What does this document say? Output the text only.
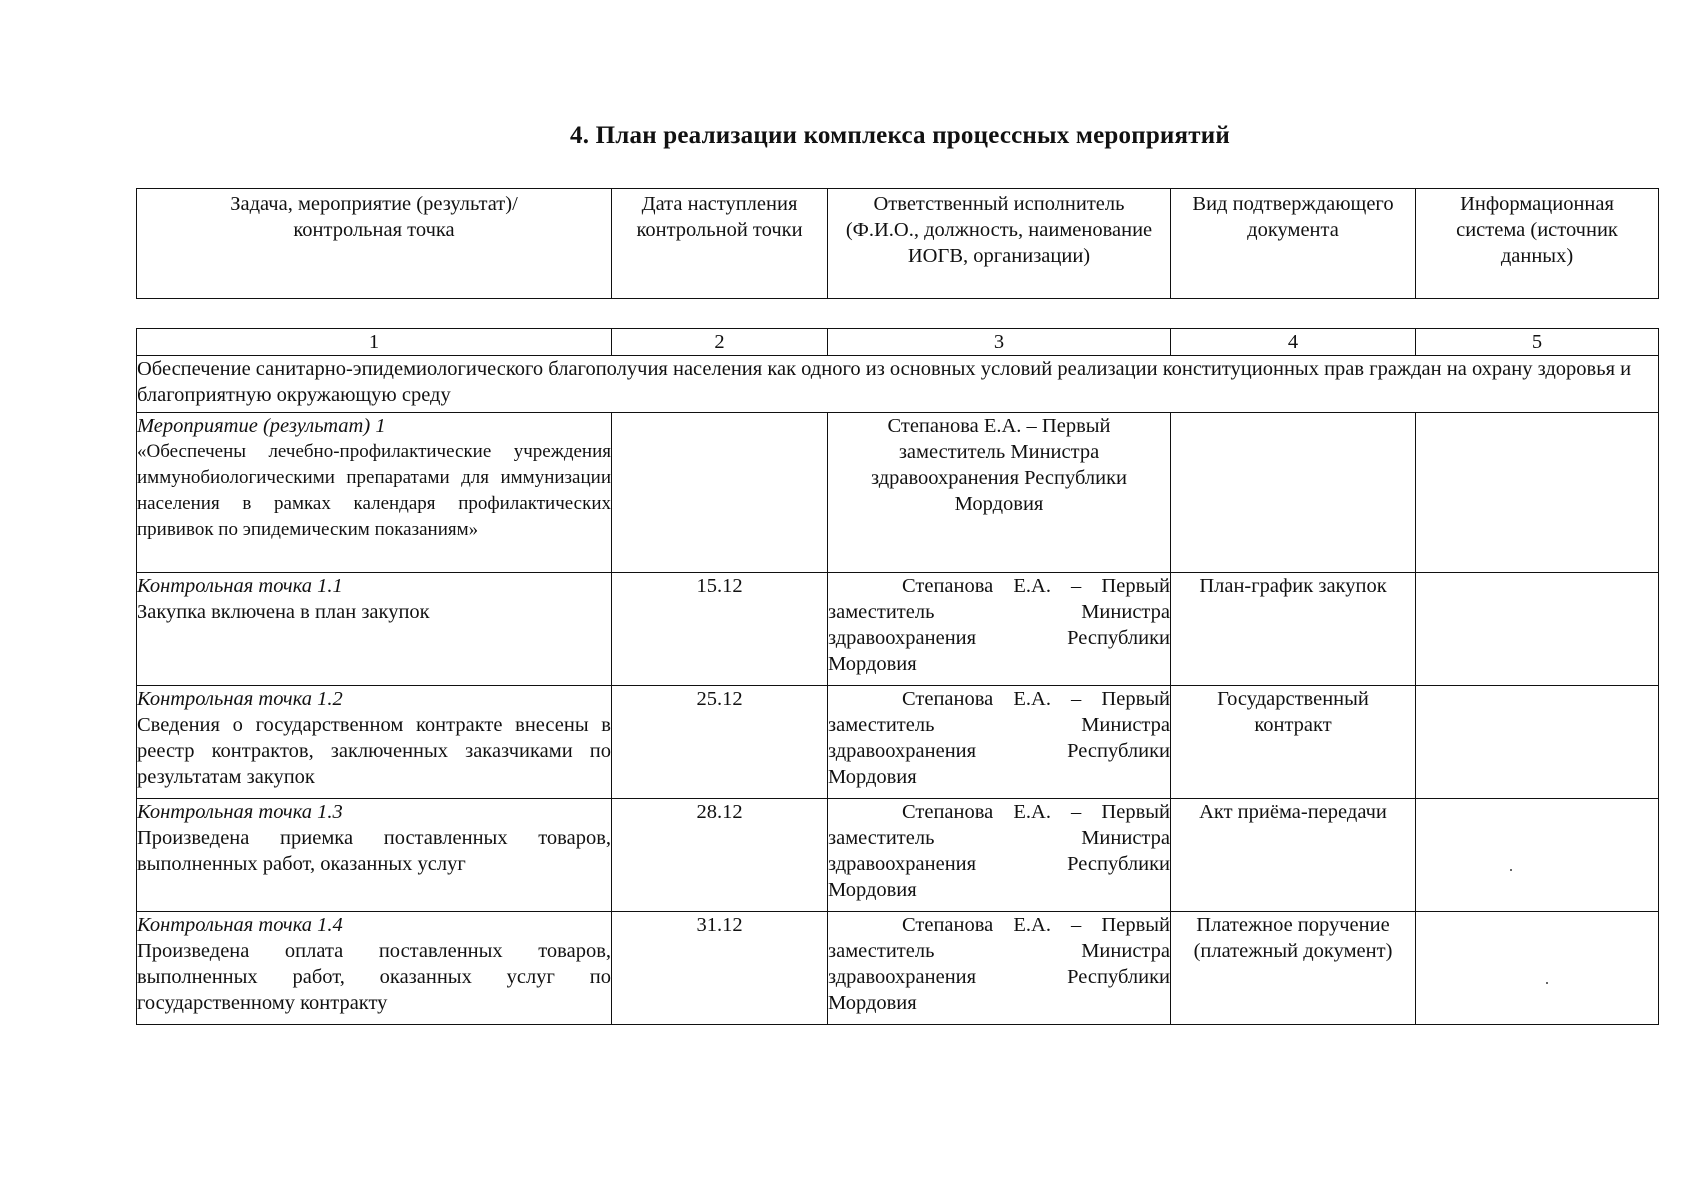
4. План реализации комплекса процессных мероприятий
Задача, мероприятие (результат)/контрольная точка	Дата наступления контрольной точки	Ответственный исполнитель (Ф.И.О., должность, наименование ИОГВ, организации)	Вид подтверждающего документа	Информационная система (источник данных)
1	2	3	4	5
Обеспечение санитарно-эпидемиологического благополучия населения как одного из основных условий реализации конституционных прав граждан на охрану здоровья и благоприятную окружающую среду				

Мероприятие (результат) 1
«Обеспечены лечебно-профилактические учреждения иммунобиологическими препаратами для иммунизации населения в рамках календаря профилактических прививок по эпидемическим показаниям»		Степанова Е.А. – Первый заместитель Министра здравоохранения Республики Мордовия		

Контрольная точка 1.1
Закупка включена в план закупок	15.12	Степанова Е.А. – Первый заместитель Министра здравоохранения Республики Мордовия	План-график закупок	

Контрольная точка 1.2
Сведения о государственном контракте внесены в реестр контрактов, заключенных заказчиками по результатам закупок	25.12	Степанова Е.А. – Первый заместитель Министра здравоохранения Республики Мордовия	Государственный контракт	

Контрольная точка 1.3
Произведена приемка поставленных товаров, выполненных работ, оказанных услуг	28.12	Степанова Е.А. – Первый заместитель Министра здравоохранения Республики Мордовия	Акт приёма-передачи	

Контрольная точка 1.4
Произведена оплата поставленных товаров, выполненных работ, оказанных услуг по государственному контракту	31.12	Степанова Е.А. – Первый заместитель Министра здравоохранения Республики Мордовия	Платежное поручение (платежный документ)	
